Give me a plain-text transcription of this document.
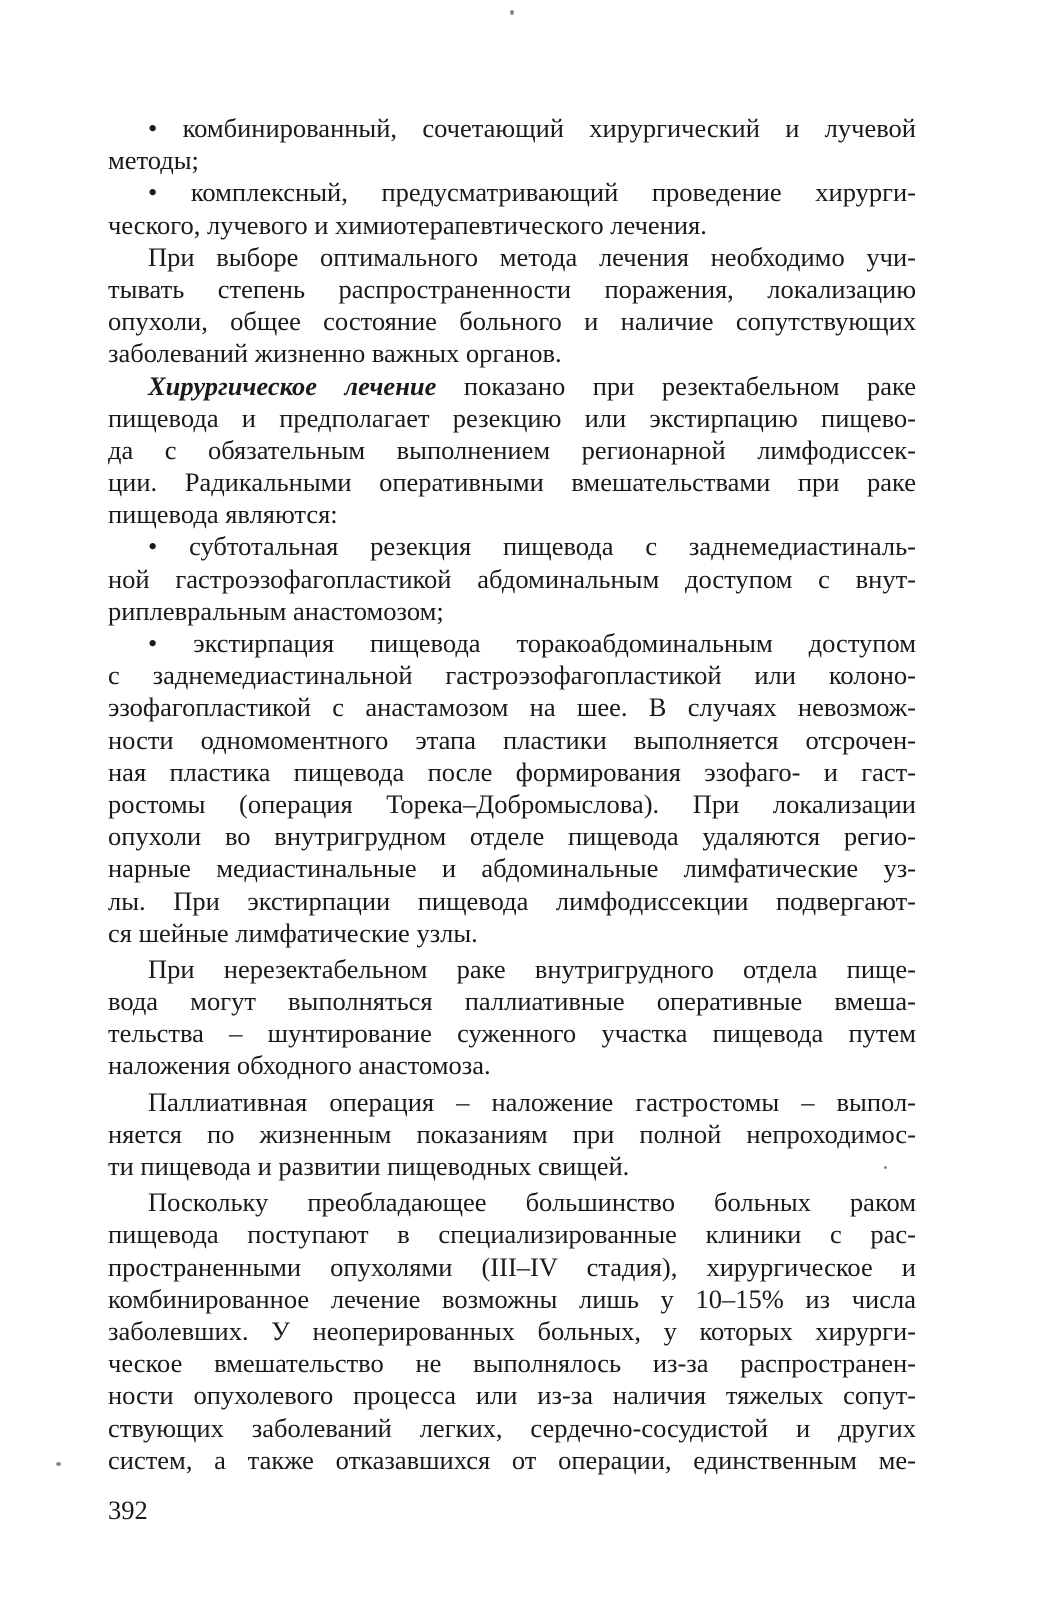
• комбинированный, сочетающий хирургический и лучевой
методы;
• комплексный, предусматривающий проведение хирурги-
ческого, лучевого и химиотерапевтического лечения.
При выборе оптимального метода лечения необходимо учи-
тывать степень распространенности поражения, локализацию
опухоли, общее состояние больного и наличие сопутствующих
заболеваний жизненно важных органов.
Хирургическое лечение показано при резектабельном раке
пищевода и предполагает резекцию или экстирпацию пищево-
да с обязательным выполнением регионарной лимфодиссек-
ции. Радикальными оперативными вмешательствами при раке
пищевода являются:
• субтотальная резекция пищевода с заднемедиастиналь-
ной гастроэзофагопластикой абдоминальным доступом с внут-
риплевральным анастомозом;
• экстирпация пищевода торакоабдоминальным доступом
с заднемедиастинальной гастроэзофагопластикой или колоно-
эзофагопластикой с анастамозом на шее. В случаях невозмож-
ности одномоментного этапа пластики выполняется отсрочен-
ная пластика пищевода после формирования эзофаго- и гаст-
ростомы (операция Торека–Добромыслова). При локализации
опухоли во внутригрудном отделе пищевода удаляются регио-
нарные медиастинальные и абдоминальные лимфатические уз-
лы. При экстирпации пищевода лимфодиссекции подвергают-
ся шейные лимфатические узлы.
При нерезектабельном раке внутригрудного отдела пище-
вода могут выполняться паллиативные оперативные вмеша-
тельства – шунтирование суженного участка пищевода путем
наложения обходного анастомоза.
Паллиативная операция – наложение гастростомы – выпол-
няется по жизненным показаниям при полной непроходимос-
ти пищевода и развитии пищеводных свищей.
Поскольку преобладающее большинство больных раком
пищевода поступают в специализированные клиники с рас-
пространенными опухолями (III–IV стадия), хирургическое и
комбинированное лечение возможны лишь у 10–15% из числа
заболевших. У неоперированных больных, у которых хирурги-
ческое вмешательство не выполнялось из-за распространен-
ности опухолевого процесса или из-за наличия тяжелых сопут-
ствующих заболеваний легких, сердечно-сосудистой и других
систем, а также отказавшихся от операции, единственным ме-
392
